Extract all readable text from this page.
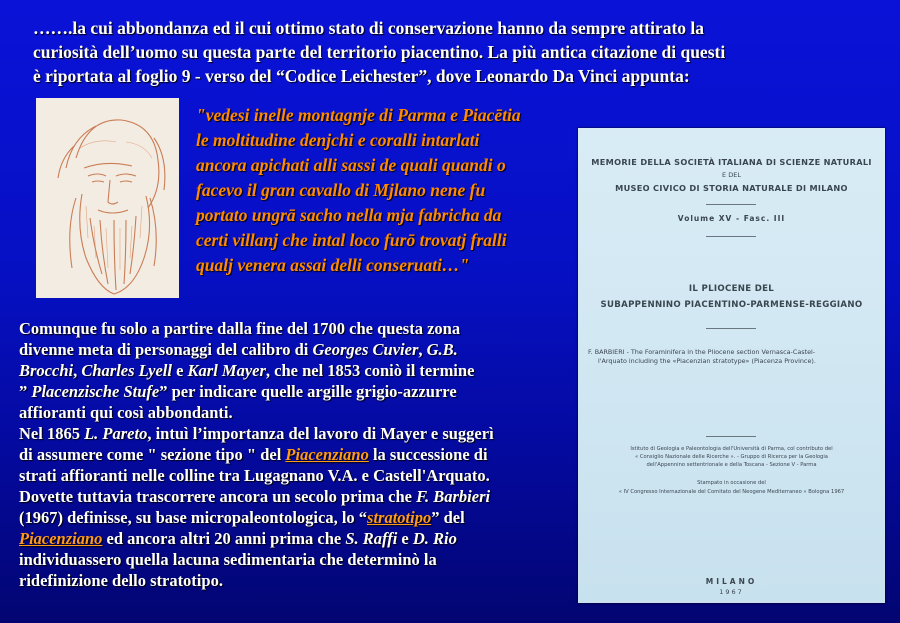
…….la cui abbondanza ed il cui ottimo stato di conservazione hanno da sempre attirato la

curiosità dell’uomo su questa parte del territorio piacentino. La più antica citazione di questi

è riportata al foglio 9 - verso del “Codice Leichester”, dove Leonardo Da Vinci appunta:

"vedesi inelle montagnje di Parma e Piacētia

le moltitudine denjchi e coralli intarlati

ancora apichati alli sassi de quali quandi o

facevo il gran cavallo di Mjlano nene fu

portato ungrā sacho nella mja fabricha da

certi villanj che intal loco furō trovatj fralli

qualj venera assai delli conseruati…"

Comunque fu solo a partire dalla fine del 1700 che questa zona

divenne meta di personaggi del calibro di Georges Cuvier, G.B.

Brocchi, Charles Lyell e Karl Mayer, che nel 1853 coniò il termine

” Placenzische Stufe” per indicare quelle argille grigio-azzurre

affioranti qui così abbondanti.

Nel 1865 L. Pareto, intuì l’importanza del lavoro di Mayer e suggerì

di assumere come " sezione tipo " del Piacenziano la successione di

strati affioranti nelle colline tra Lugagnano V.A. e Castell'Arquato.

Dovette tuttavia trascorrere ancora un secolo prima che F. Barbieri

(1967) definisse, su base micropaleontologica, lo “stratotipo” del

Piacenziano ed ancora altri 20 anni prima che S. Raffi e D. Rio

individuassero quella lacuna sedimentaria che determinò la

ridefinizione dello stratotipo.

MEMORIE DELLA SOCIETÀ ITALIANA DI SCIENZE NATURALI
E DEL
MUSEO CIVICO DI STORIA NATURALE DI MILANO
Volume XV - Fasc. III
IL PLIOCENE DEL
SUBAPPENNINO PIACENTINO-PARMENSE-REGGIANO
F. BARBIERI - The Foraminifera in the Pliocene section Vernasca-Castel-
l'Arquato including the «Piacenzian stratotype» (Piacenza Province).
Istituto di Geologia e Paleontologia dell'Università di Parma, col contributo del
« Consiglio Nazionale delle Ricerche ». - Gruppo di Ricerca per la Geologia
dell'Appennino settentrionale e della Toscana - Sezione V - Parma
Stampato in occasione del
« IV Congresso Internazionale del Comitato del Neogene Mediterraneo » Bologna 1967
MILANO
1967
